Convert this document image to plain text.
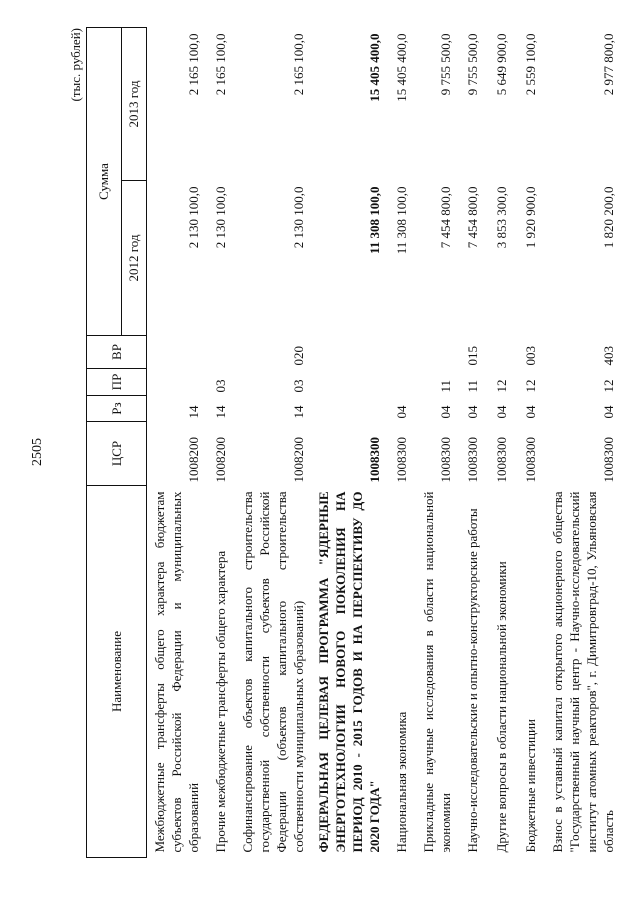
2505
(тыс. рублей)
Наименование	ЦСР	Рз	ПР	ВР	Сумма	
					2012 год	2013 год
Межбюджетные трансферты общего характера бюджетам субъектов Российской Федерации и муниципальных образований	1008200	14			2 130 100,0	2 165 100,0
Прочие межбюджетные трансферты общего характера	1008200	14	03		2 130 100,0	2 165 100,0
Софинансирование объектов капитального строительства государственной собственности субъектов Российской Федерации (объектов капитального строительства собственности муниципальных образований)	1008200	14	03	020	2 130 100,0	2 165 100,0
ФЕДЕРАЛЬНАЯ ЦЕЛЕВАЯ ПРОГРАММА "ЯДЕРНЫЕ ЭНЕРГОТЕХНОЛОГИИ НОВОГО ПОКОЛЕНИЯ НА ПЕРИОД 2010 - 2015 ГОДОВ И НА ПЕРСПЕКТИВУ ДО 2020 ГОДА"	1008300				11 308 100,0	15 405 400,0
Национальная экономика	1008300	04			11 308 100,0	15 405 400,0
Прикладные научные исследования в области национальной экономики	1008300	04	11		7 454 800,0	9 755 500,0
Научно-исследовательские и опытно-конструкторские работы	1008300	04	11	015	7 454 800,0	9 755 500,0
Другие вопросы в области национальной экономики	1008300	04	12		3 853 300,0	5 649 900,0
Бюджетные инвестиции	1008300	04	12	003	1 920 900,0	2 559 100,0
Взнос в уставный капитал открытого акционерного общества "Государственный научный центр - Научно-исследовательский институт атомных реакторов", г. Димитровград-10, Ульяновская область	1008300	04	12	403	1 820 200,0	2 977 800,0
